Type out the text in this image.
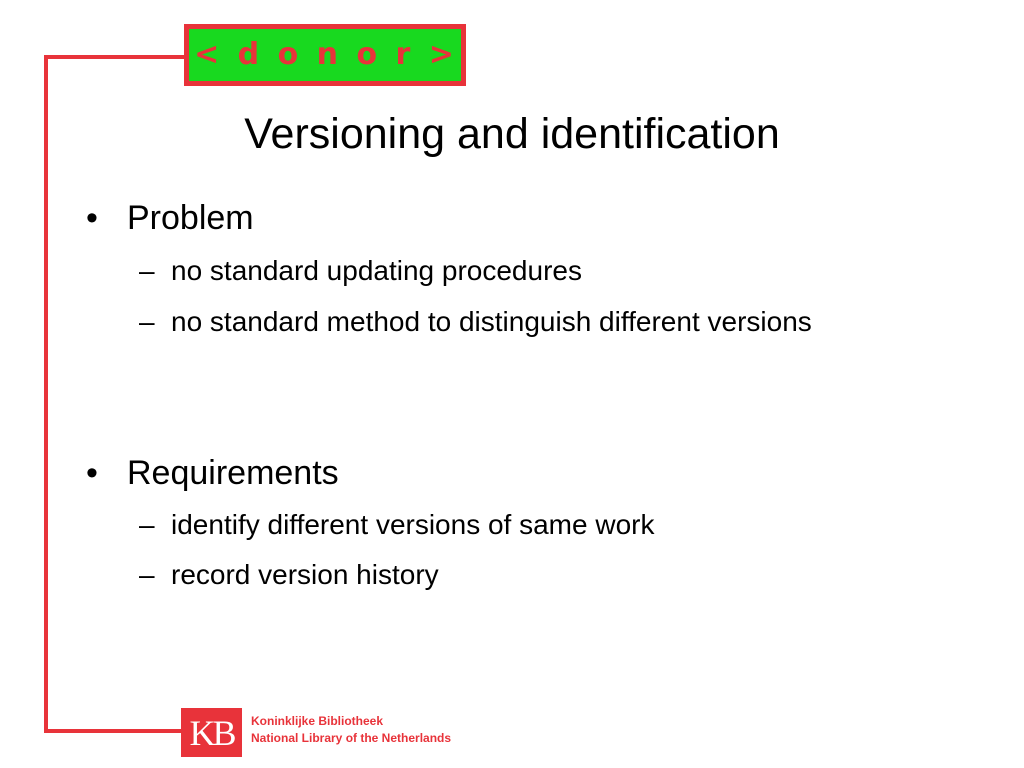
< d o n o r >
Versioning and identification
• Problem
– no standard updating procedures
– no standard method to distinguish different versions
• Requirements
– identify different versions of same work
– record version history
KB Koninklijke Bibliotheek
National Library of the Netherlands
